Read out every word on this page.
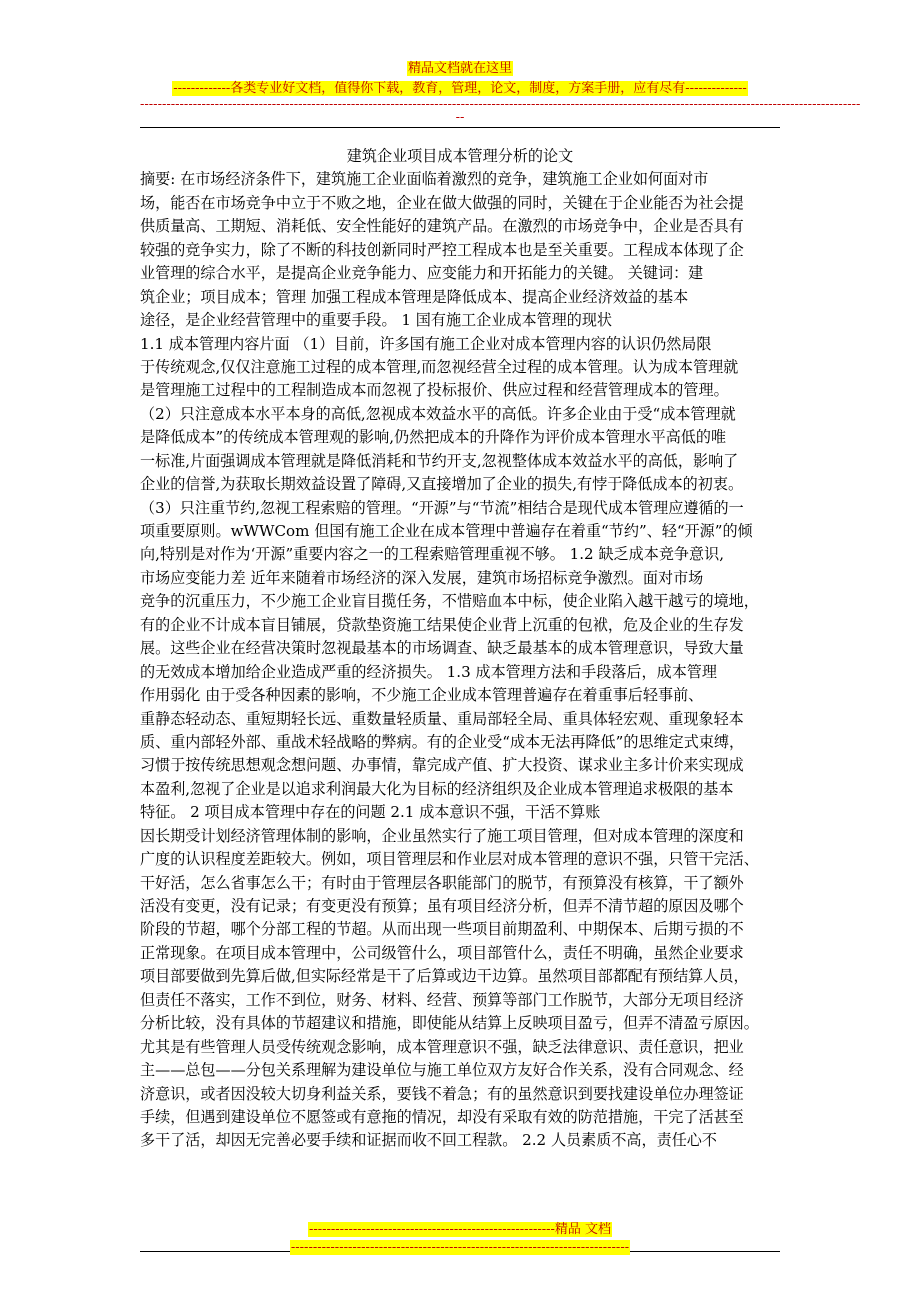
精品文档就在这里
-------------各类专业好文档，值得你下载，教育，管理，论文，制度，方案手册，应有尽有--------------
--------------------------------------------------------------------------------------------------------------------------------------------------------------------
--
建筑企业项目成本管理分析的论文
摘要: 在市场经济条件下，建筑施工企业面临着激烈的竞争，建筑施工企业如何面对市
场，能否在市场竞争中立于不败之地，企业在做大做强的同时，关键在于企业能否为社会提
供质量高、工期短、消耗低、安全性能好的建筑产品。在激烈的市场竞争中，企业是否具有
较强的竞争实力，除了不断的科技创新同时严控工程成本也是至关重要。工程成本体现了企
业管理的综合水平，是提高企业竞争能力、应变能力和开拓能力的关键。 关键词：建
筑企业；项目成本；管理 加强工程成本管理是降低成本、提高企业经济效益的基本
途径，是企业经营管理中的重要手段。 1 国有施工企业成本管理的现状
1.1 成本管理内容片面 （1）目前，许多国有施工企业对成本管理内容的认识仍然局限
于传统观念,仅仅注意施工过程的成本管理,而忽视经营全过程的成本管理。认为成本管理就
是管理施工过程中的工程制造成本而忽视了投标报价、供应过程和经营管理成本的管理。
（2）只注意成本水平本身的高低,忽视成本效益水平的高低。许多企业由于受“成本管理就
是降低成本”的传统成本管理观的影响,仍然把成本的升降作为评价成本管理水平高低的唯
一标准,片面强调成本管理就是降低消耗和节约开支,忽视整体成本效益水平的高低，影响了
企业的信誉,为获取长期效益设置了障碍,又直接增加了企业的损失,有悖于降低成本的初衷。
（3）只注重节约,忽视工程索赔的管理。“开源”与“节流”相结合是现代成本管理应遵循的一
项重要原则。wWWCom 但国有施工企业在成本管理中普遍存在着重“节约”、轻“开源”的倾
向,特别是对作为‘开源”重要内容之一的工程索赔管理重视不够。 1.2 缺乏成本竞争意识,
市场应变能力差 近年来随着市场经济的深入发展，建筑市场招标竞争激烈。面对市场
竞争的沉重压力，不少施工企业盲目揽任务，不惜赔血本中标，使企业陷入越干越亏的境地，
有的企业不计成本盲目铺展，贷款垫资施工结果使企业背上沉重的包袱，危及企业的生存发
展。这些企业在经营决策时忽视最基本的市场调查、缺乏最基本的成本管理意识，导致大量
的无效成本增加给企业造成严重的经济损失。 1.3 成本管理方法和手段落后，成本管理
作用弱化 由于受各种因素的影响，不少施工企业成本管理普遍存在着重事后轻事前、
重静态轻动态、重短期轻长远、重数量轻质量、重局部轻全局、重具体轻宏观、重现象轻本
质、重内部轻外部、重战术轻战略的弊病。有的企业受“成本无法再降低”的思维定式束缚，
习惯于按传统思想观念想问题、办事情，靠完成产值、扩大投资、谋求业主多计价来实现成
本盈利,忽视了企业是以追求利润最大化为目标的经济组织及企业成本管理追求极限的基本
特征。 2 项目成本管理中存在的问题 2.1 成本意识不强，干活不算账
因长期受计划经济管理体制的影响，企业虽然实行了施工项目管理，但对成本管理的深度和
广度的认识程度差距较大。例如，项目管理层和作业层对成本管理的意识不强，只管干完活、
干好活，怎么省事怎么干；有时由于管理层各职能部门的脱节，有预算没有核算，干了额外
活没有变更，没有记录；有变更没有预算；虽有项目经济分析，但弄不清节超的原因及哪个
阶段的节超，哪个分部工程的节超。从而出现一些项目前期盈利、中期保本、后期亏损的不
正常现象。在项目成本管理中，公司级管什么，项目部管什么，责任不明确，虽然企业要求
项目部要做到先算后做,但实际经常是干了后算或边干边算。虽然项目部都配有预结算人员，
但责任不落实，工作不到位，财务、材料、经营、预算等部门工作脱节，大部分无项目经济
分析比较，没有具体的节超建议和措施，即使能从结算上反映项目盈亏，但弄不清盈亏原因。
尤其是有些管理人员受传统观念影响，成本管理意识不强，缺乏法律意识、责任意识，把业
主——总包——分包关系理解为建设单位与施工单位双方友好合作关系，没有合同观念、经
济意识，或者因没较大切身利益关系，要钱不着急；有的虽然意识到要找建设单位办理签证
手续，但遇到建设单位不愿签或有意拖的情况，却没有采取有效的防范措施，干完了活甚至
多干了活，却因无完善必要手续和证据而收不回工程款。 2.2 人员素质不高，责任心不
--------------------------------------------------------精品 文档
-----------------------------------------------------------------------------
